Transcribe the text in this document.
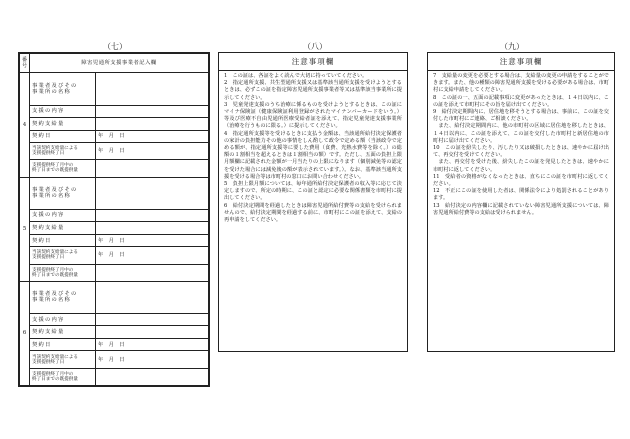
（七）	（八）	（九）
番号	障害児通所支援事業者記入欄	
4	事業者及びその
事業所の名称	
	支援の内容	
	契約支給量	
	契約日	年　月　日
	当該契約支給量による
支援提供終了日	年　月　日
	支援提供終了月中の
終了日までの既提供量	
5	事業者及びその
事業所の名称	
	支援の内容	
	契約支給量	
	契約日	年　月　日
	当該契約支給量による
支援提供終了日	年　月　日
	支援提供終了月中の
終了日までの既提供量	
6	事業者及びその
事業所の名称	
	支援の内容	
	契約支給量	
	契約日	年　月　日
	当該契約支給量による
支援提供終了日	年　月　日
	支援提供終了月中の
終了日までの既提供量	
注意事項欄

1　この証は、各証をよく読んで大切に持っていてください。

2　指定通所支援、共生型通所支援又は基準該当通所支援を受けようとするときは、必ずこの証を指定障害児通所支援事業者等又は基準該当事業所に提示してください。

3　児童発達支援のうち治療に係るものを受けようとするときは、この証にマイナ保険証（健康保険証利用登録がされたマイナンバーカードをいう。）等及び医療不自由児通所医療受給者証を添えて、指定児童発達支援事業所（治療を行うものに限る。）に提示してください。

4　指定通所支援等を受けるときに支払う金額は、当該通所給付決定保護者の家計の負担能力その他の事情をしん酌して政令で定める額（当該政令で定める額が、指定通所支援等に要した費用（食費、光熱水費等を除く。）の総額の１割相当を超えるときは１割相当の額）です。ただし、五面の負担上限月額欄に記載された金額が一月当たりの上限になります（個別減免等の認定を受けた場合には減免後の額が表示されています。）。なお、基準該当通所支援を受ける場合等は市町村の窓口にお問い合わせください。

5　負担上限月額については、毎年通所給付決定保護者の収入等に応じて決定しますので、所定の時期に、この証と認定に必要な関係書類を市町村に提出してください。

6　給付決定期間を経過したときは障害児通所給付費等の支給を受けられませんので、給付決定期間を経過する前に、市町村にこの証を添えて、支給の再申請をしてください。

注意事項欄

7　支給量の変更を必要とする場合は、支給量の変更の申請をすることができます。また、他の種類の障害児通所支援を受ける必要がある場合は、市町村に支給申請をしてください。

8　この証の一、五面の記載事項に変更があったときは、１４日以内に、この証を添えて市町村にその旨を届け出てください。

9　給付決定期間内に、居住地を移そうとする場合は、事前に、この証を交付した市町村にご連絡、ご相談ください。

　また、給付決定期間内に、他の市町村の区域に居住地を移したときは、１４日以内に、この証を添えて、この証を交付した市町村と新居住地の市町村に届け出てください。

10　この証を紛失したり、汚したり又は破損したときは、速やかに届け出て、再交付を受けてください。

　また、再交付を受けた後、紛失したこの証を発見したときは、速やかに市町村に返してください。

11　受給者の資格がなくなったときは、直ちにこの証を市町村に返してください。

12　不正にこの証を使用した者は、関係法令により処罰されることがあります。

13　給付決定の内容欄に記載されていない障害児通所支援については、障害児通所給付費等の支給は受けられません。
